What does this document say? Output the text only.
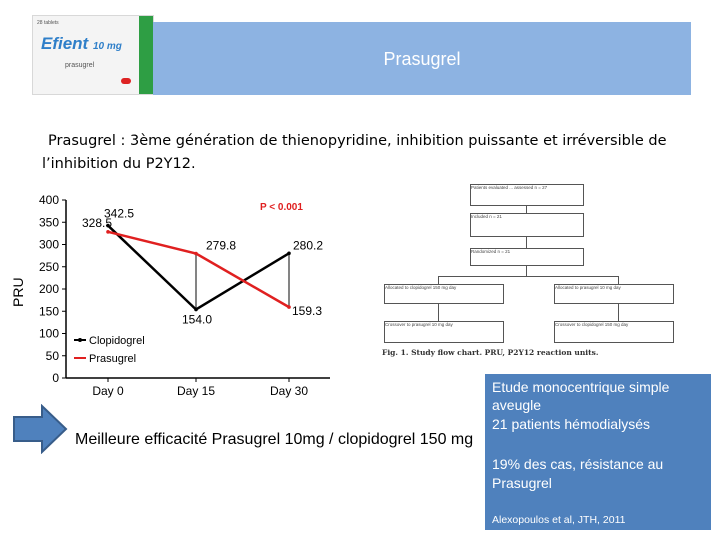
28 tablets
Efient 10 mg
prasugrel	Prasugrel
Prasugrel : 3ème génération de thienopyridine, inhibition puissante et irréversible de
l’inhibition du P2Y12.
0
50
100
150
200
250
300
350
400
Day 0	Day 15	Day 30
342.5
154.0
280.2
328.5
279.8
159.3
P < 0.001
Clopidogrel
Prasugrel
PRU
Patients evaluated ... assessed n = 27
Included n = 21
Randomized n = 21
Allocated to clopidogrel 150 mg day	Allocated to prasugrel 10 mg day
Crossover to prasugrel 10 mg day	Crossover to clopidogrel 150 mg day
Fig. 1. Study flow chart. PRU, P2Y12 reaction units.
Meilleure efficacité Prasugrel 10mg / clopidogrel 150 mg

Etude monocentrique simple

aveugle

21 patients hémodialysés

19% des cas, résistance au

Prasugrel

Alexopoulos et al, JTH, 2011
